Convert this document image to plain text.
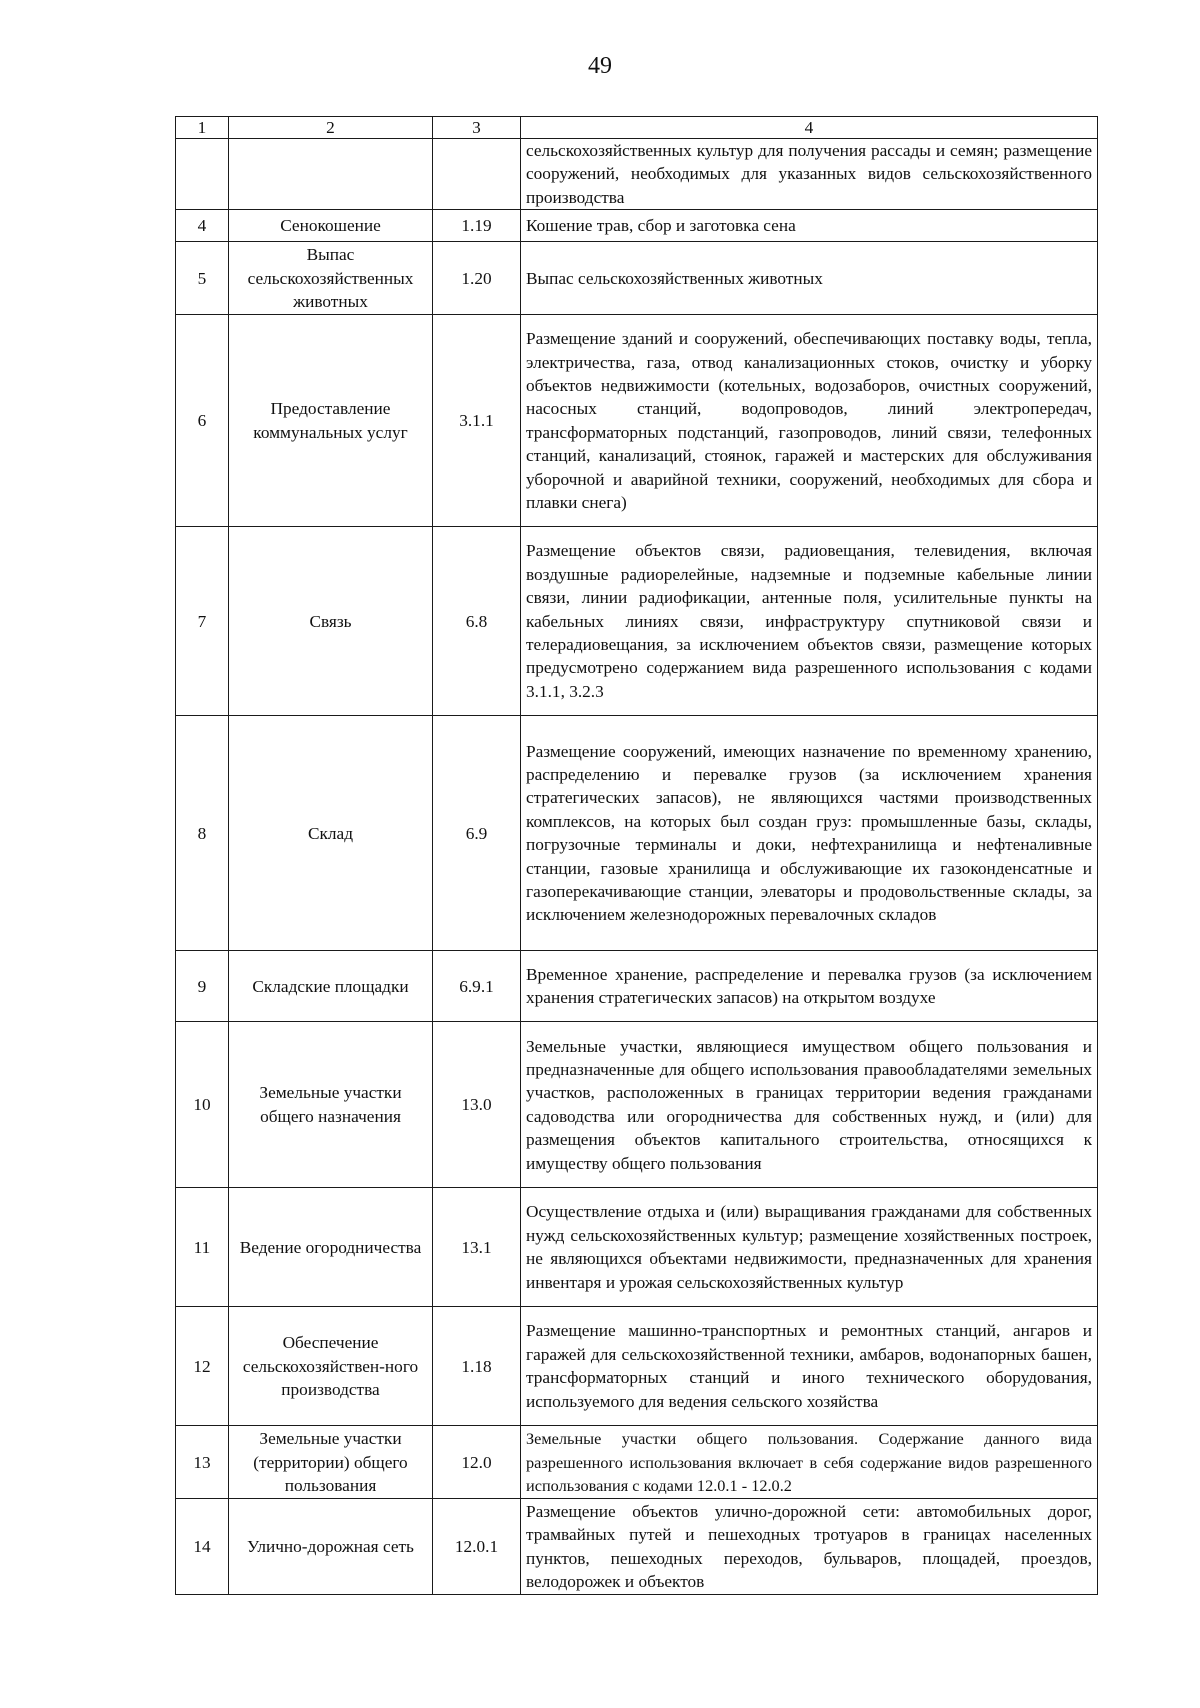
49
1	2	3	4
			сельскохозяйственных культур для получения рассады и семян; размещение сооружений, необходимых для указанных видов сельскохозяйственного производства
4	Сенокошение	1.19	Кошение трав, сбор и заготовка сена
5	Выпас сельскохозяйственных животных	1.20	Выпас сельскохозяйственных животных
6	Предоставление коммунальных услуг	3.1.1	Размещение зданий и сооружений, обеспечивающих поставку воды, тепла, электричества, газа, отвод канализационных стоков, очистку и уборку объектов недвижимости (котельных, водозаборов, очистных сооружений, насосных станций, водопроводов, линий электропередач, трансформаторных подстанций, газопроводов, линий связи, телефонных станций, канализаций, стоянок, гаражей и мастерских для обслуживания уборочной и аварийной техники, сооружений, необходимых для сбора и плавки снега)
7	Связь	6.8	Размещение объектов связи, радиовещания, телевидения, включая воздушные радиорелейные, надземные и подземные кабельные линии связи, линии радиофикации, антенные поля, усилительные пункты на кабельных линиях связи, инфраструктуру спутниковой связи и телерадиовещания, за исключением объектов связи, размещение которых предусмотрено содержанием вида разрешенного использования с кодами 3.1.1, 3.2.3
8	Склад	6.9	Размещение сооружений, имеющих назначение по временному хранению, распределению и перевалке грузов (за исключением хранения стратегических запасов), не являющихся частями производственных комплексов, на которых был создан груз: промышленные базы, склады, погрузочные терминалы и доки, нефтехранилища и нефтеналивные станции, газовые хранилища и обслуживающие их газоконденсатные и газоперекачивающие станции, элеваторы и продовольственные склады, за исключением железнодорожных перевалочных складов
9	Складские площадки	6.9.1	Временное хранение, распределение и перевалка грузов (за исключением хранения стратегических запасов) на открытом воздухе
10	Земельные участки общего назначения	13.0	Земельные участки, являющиеся имуществом общего пользования и предназначенные для общего использования правообладателями земельных участков, расположенных в границах территории ведения гражданами садоводства или огородничества для собственных нужд, и (или) для размещения объектов капитального строительства, относящихся к имуществу общего пользования
11	Ведение огородничества	13.1	Осуществление отдыха и (или) выращивания гражданами для собственных нужд сельскохозяйственных культур; размещение хозяйственных построек, не являющихся объектами недвижимости, предназначенных для хранения инвентаря и урожая сельскохозяйственных культур
12	Обеспечение сельскохозяйствен-ного производства	1.18	Размещение машинно-транспортных и ремонтных станций, ангаров и гаражей для сельскохозяйственной техники, амбаров, водонапорных башен, трансформаторных станций и иного технического оборудования, используемого для ведения сельского хозяйства
13	Земельные участки (территории) общего пользования	12.0	Земельные участки общего пользования. Содержание данного вида разрешенного использования включает в себя содержание видов разрешенного использования с кодами 12.0.1 - 12.0.2
14	Улично-дорожная сеть	12.0.1	Размещение объектов улично-дорожной сети: автомобильных дорог, трамвайных путей и пешеходных тротуаров в границах населенных пунктов, пешеходных переходов, бульваров, площадей, проездов, велодорожек и объектов
